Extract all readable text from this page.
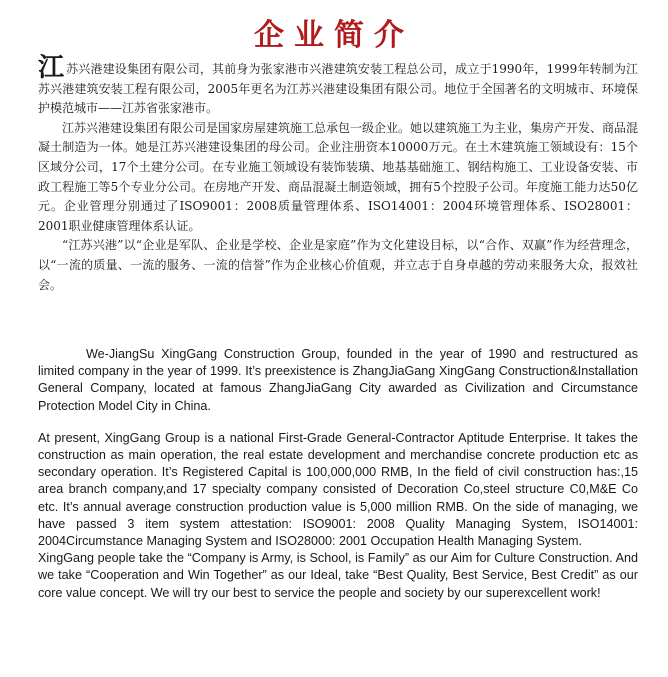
企业简介

江苏兴港建设集团有限公司，其前身为张家港市兴港建筑安装工程总公司，成立于1990年，1999年转制为江苏兴港建筑安装工程有限公司，2005年更名为江苏兴港建设集团有限公司。地位于全国著名的文明城市、环境保护模范城市——江苏省张家港市。

江苏兴港建设集团有限公司是国家房屋建筑施工总承包一级企业。她以建筑施工为主业，集房产开发、商品混凝土制造为一体。她是江苏兴港建设集团的母公司。企业注册资本10000万元。在土木建筑施工领域设有：15个区域分公司，17个土建分公司。在专业施工领域设有装饰装璜、地基基础施工、钢结构施工、工业设备安装、市政工程施工等5个专业分公司。在房地产开发、商品混凝土制造领域，拥有5个控股子公司。年度施工能力达50亿元。企业管理分别通过了ISO9001：2008质量管理体系、ISO14001：2004环境管理体系、ISO28001：2001职业健康管理体系认证。

“江苏兴港”以“企业是军队、企业是学校、企业是家庭”作为文化建设目标，以“合作、双赢”作为经营理念，以“一流的质量、一流的服务、一流的信誉”作为企业核心价值观，并立志于自身卓越的劳动来服务大众，报效社会。

We-JiangSu XingGang Construction Group, founded in the year of 1990 and restructured as limited company in the year of 1999. It’s preexistence is ZhangJiaGang XingGang Construction&Installation General Company, located at famous ZhangJiaGang City awarded as Civilization and Circumstance Protection Model City in China.

At present, XingGang Group is a national First-Grade General-Contractor Aptitude Enterprise. It takes the construction as main operation, the real estate development and merchandise concrete production etc as secondary operation. It’s Registered Capital is 100,000,000 RMB, In the field of civil construction has:,15 area branch company,and 17 specialty company consisted of Decoration Co,steel structure C0,M&E Co etc. It’s annual average construction production value is 5,000 million RMB. On the side of managing, we have passed 3 item system attestation: ISO9001: 2008 Quality Managing System, ISO14001: 2004Circumstance Managing System and ISO28000: 2001 Occupation Health Managing System.

XingGang people take the “Company is Army, is School, is Family” as our Aim for Culture Construction. And we take “Cooperation and Win Together” as our Ideal, take “Best Quality, Best Service, Best Credit” as our core value concept. We will try our best to service the people and society by our superexcellent work!
